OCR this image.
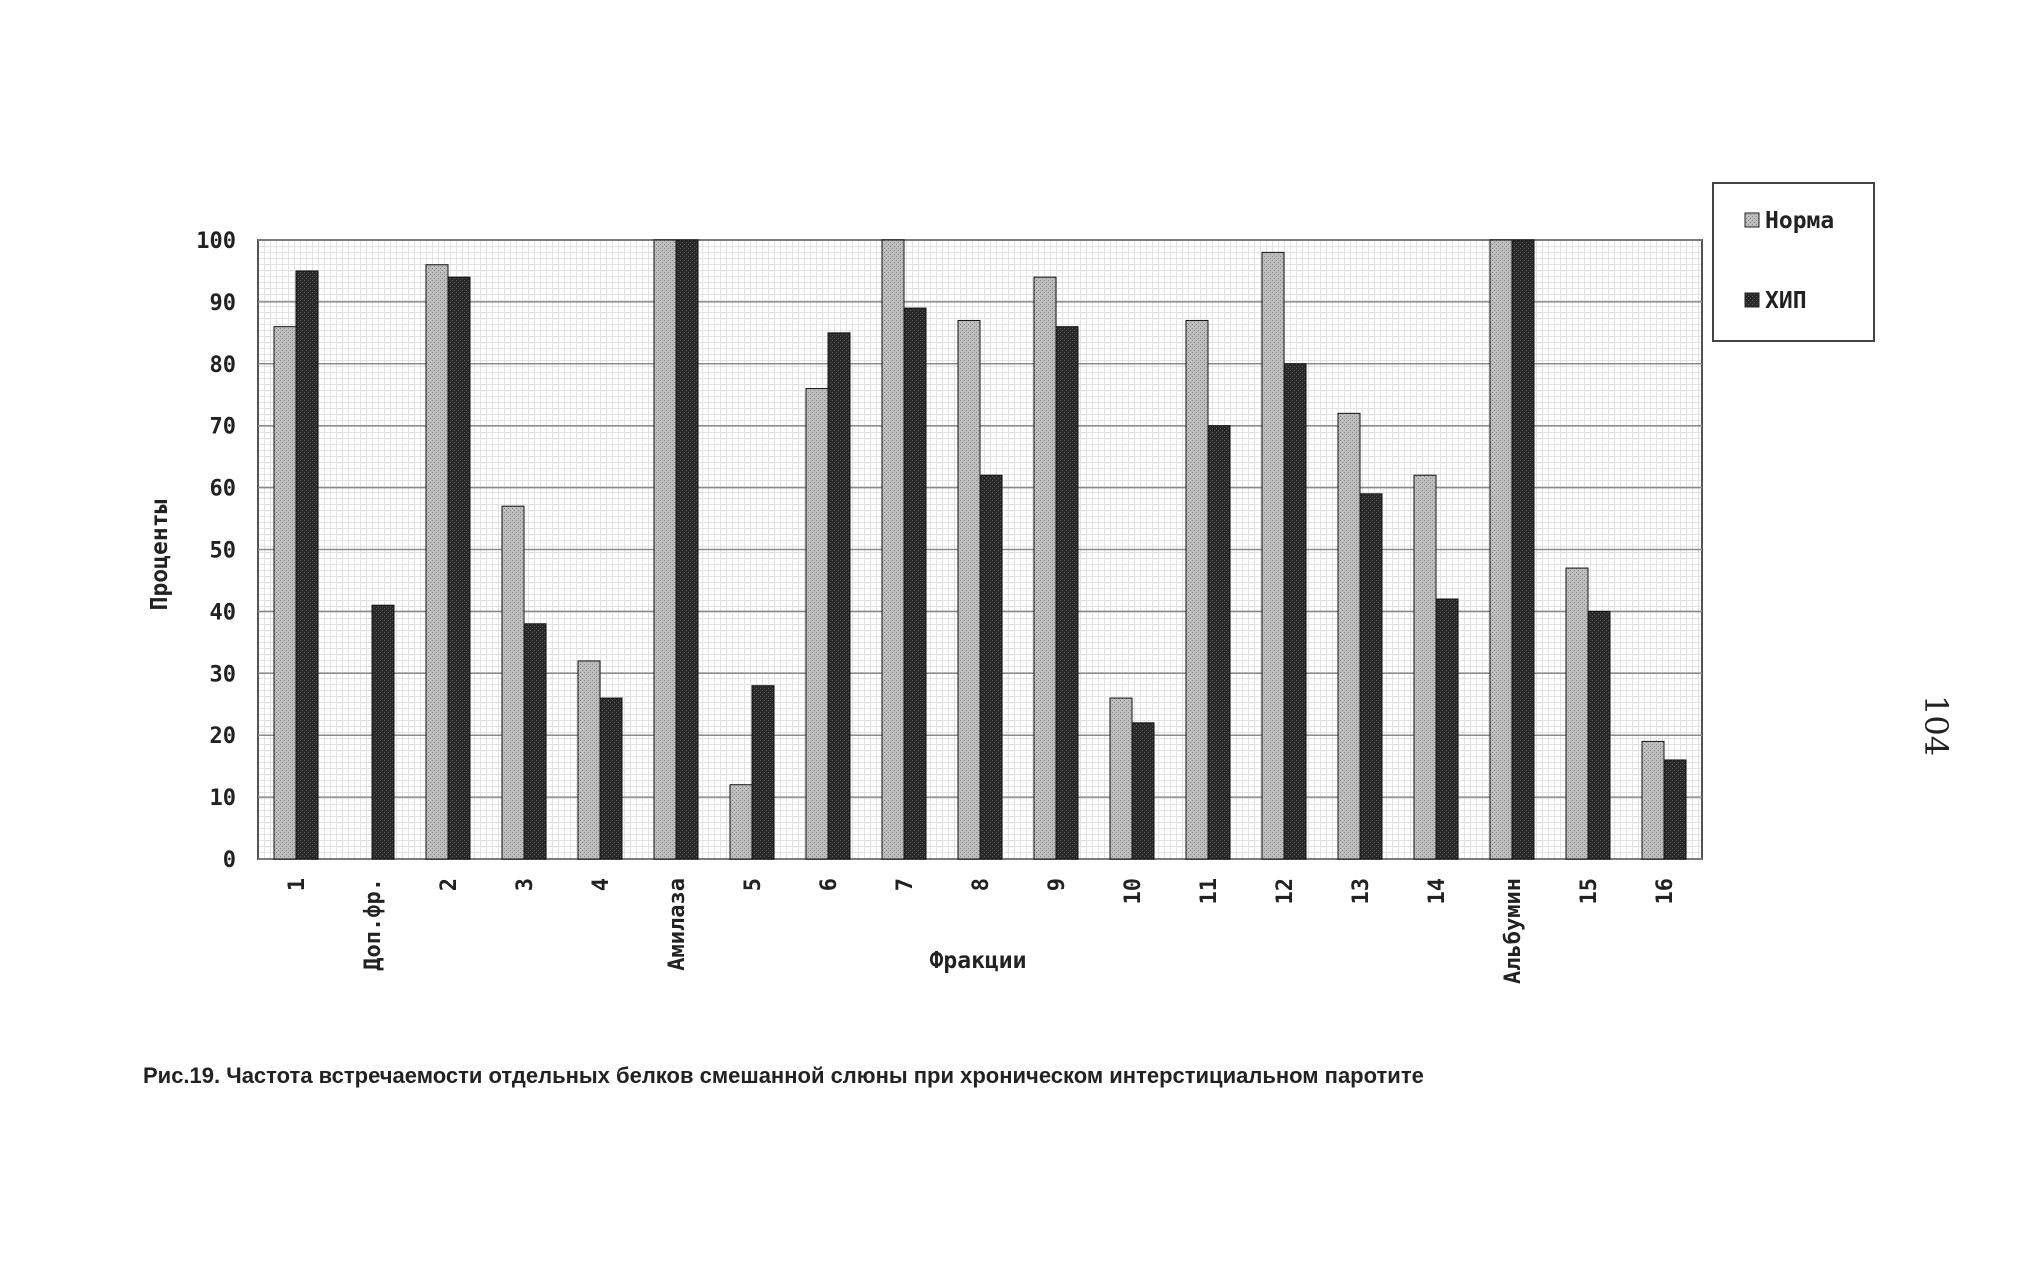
0
10
20
30
40
50
60
70
80
90
100
1 Доп.фр. 2 3 4 Амилаза 5 6 7 8 9 10 11 12 13 14 Альбумин 15 16
Фракции
Проценты
Норма
ХИП
Рис.19. Частота встречаемости отдельных белков смешанной слюны при хроническом интерстициальном паротите
104
